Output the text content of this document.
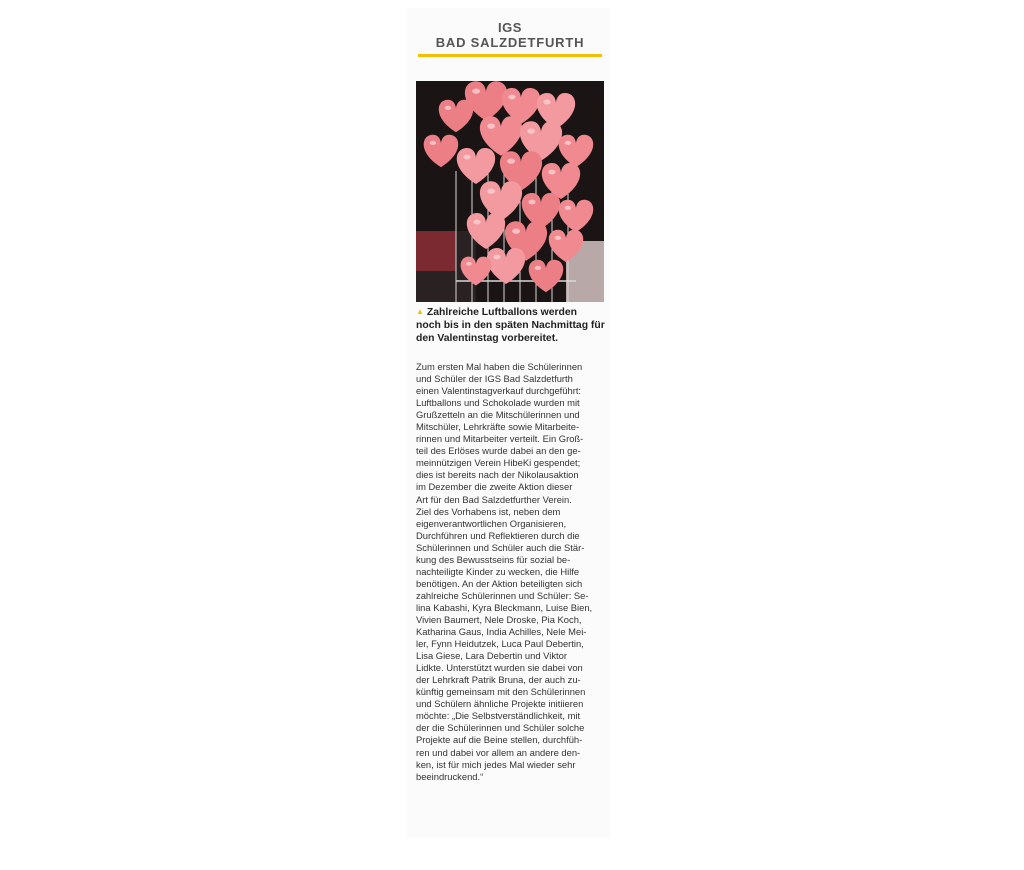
IGS
BAD SALZDETFURTH

▲ Zahlreiche Luftballons werden
noch bis in den späten Nachmittag für
den Valentinstag vorbereitet.

Zum ersten Mal haben die Schülerinnen
und Schüler der IGS Bad Salzdetfurth
einen Valentinstagverkauf durchgeführt:
Luftballons und Schokolade wurden mit
Grußzetteln an die Mitschülerinnen und
Mitschüler, Lehrkräfte sowie Mitarbeite-
rinnen und Mitarbeiter verteilt. Ein Groß-
teil des Erlöses wurde dabei an den ge-
meinnützigen Verein HibeKi gespendet;
dies ist bereits nach der Nikolausaktion
im Dezember die zweite Aktion dieser
Art für den Bad Salzdetfurther Verein.
Ziel des Vorhabens ist, neben dem
eigenverantwortlichen Organisieren,
Durchführen und Reflektieren durch die
Schülerinnen und Schüler auch die Stär-
kung des Bewusstseins für sozial be-
nachteiligte Kinder zu wecken, die Hilfe
benötigen. An der Aktion beteiligten sich
zahlreiche Schülerinnen und Schüler: Se-
lina Kabashi, Kyra Bleckmann, Luise Bien,
Vivien Baumert, Nele Droske, Pia Koch,
Katharina Gaus, India Achilles, Nele Mei-
ler, Fynn Heidutzek, Luca Paul Debertin,
Lisa Giese, Lara Debertin und Viktor
Lidkte. Unterstützt wurden sie dabei von
der Lehrkraft Patrik Bruna, der auch zu-
künftig gemeinsam mit den Schülerinnen
und Schülern ähnliche Projekte initiieren
möchte: „Die Selbstverständlichkeit, mit
der die Schülerinnen und Schüler solche
Projekte auf die Beine stellen, durchfüh-
ren und dabei vor allem an andere den-
ken, ist für mich jedes Mal wieder sehr
beeindruckend.“
